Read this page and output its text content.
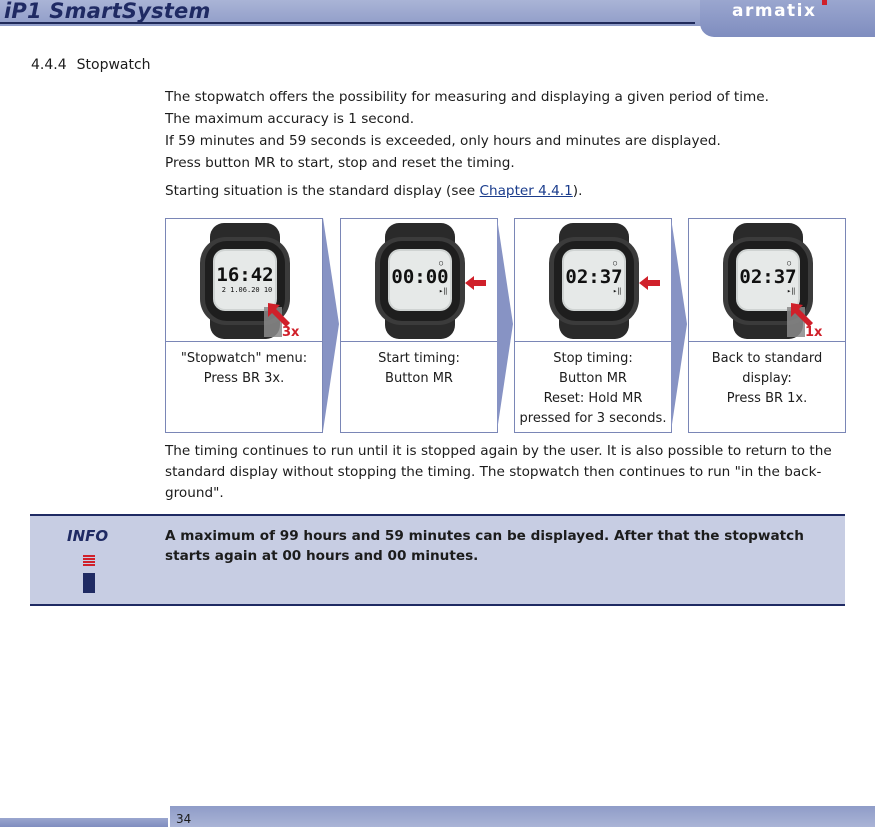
iP1 SmartSystem	armatix
4.4.4 Stopwatch

The stopwatch offers the possibility for measuring and displaying a given period of time.

The maximum accuracy is 1 second.

If 59 minutes and 59 seconds is exceeded, only hours and minutes are displayed.

Press button MR to start, stop and reset the timing.

Starting situation is the standard display (see Chapter 4.4.1).

16:42
2 1.06.20 10
3x
"Stopwatch" menu:
Press BR 3x.
00:00
○
▸‖
Start timing:
Button MR
02:37
○
▸‖
Stop timing:
Button MR
Reset: Hold MR
pressed for 3 seconds.
02:37
○
▸‖
1x
Back to standard
display:
Press BR 1x.
The timing continues to run until it is stopped again by the user. It is also possible to return to the standard display without stopping the timing. The stopwatch then continues to run "in the back-ground".
INFO	A maximum of 99 hours and 59 minutes can be displayed. After that the stopwatch starts again at 00 hours and 00 minutes.
34
